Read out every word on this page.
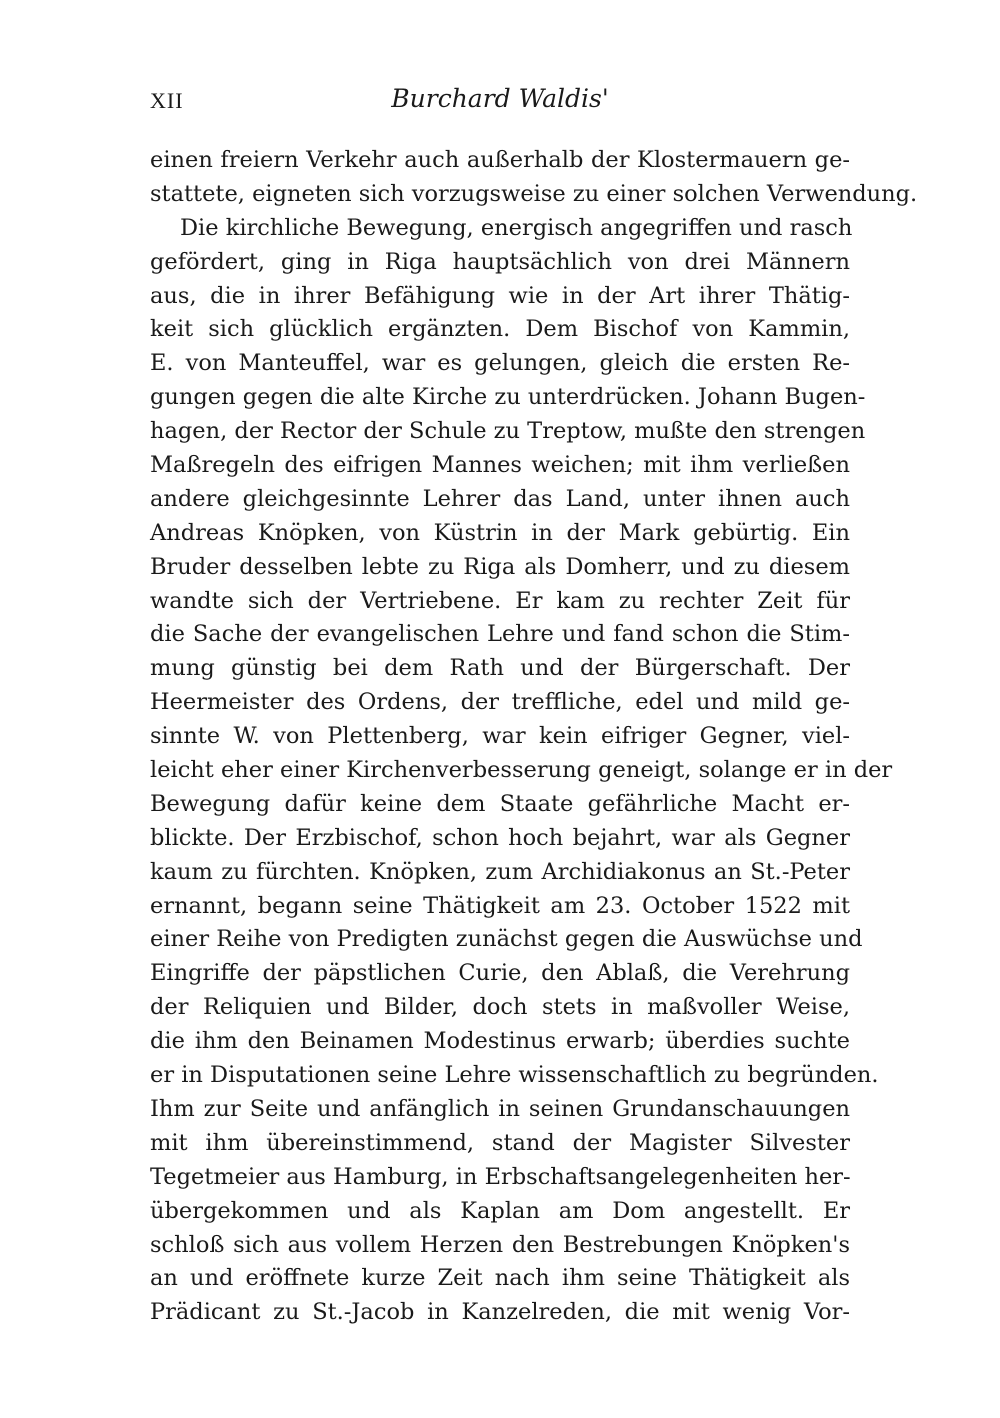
XII	Burchard Waldis'
einen freiern Verkehr auch außerhalb der Klostermauern ge-
stattete, eigneten sich vorzugsweise zu einer solchen Verwendung.
Die kirchliche Bewegung, energisch angegriffen und rasch
gefördert, ging in Riga hauptsächlich von drei Männern
aus, die in ihrer Befähigung wie in der Art ihrer Thätig-
keit sich glücklich ergänzten. Dem Bischof von Kammin,
E. von Manteuffel, war es gelungen, gleich die ersten Re-
gungen gegen die alte Kirche zu unterdrücken. Johann Bugen-
hagen, der Rector der Schule zu Treptow, mußte den strengen
Maßregeln des eifrigen Mannes weichen; mit ihm verließen
andere gleichgesinnte Lehrer das Land, unter ihnen auch
Andreas Knöpken, von Küstrin in der Mark gebürtig. Ein
Bruder desselben lebte zu Riga als Domherr, und zu diesem
wandte sich der Vertriebene. Er kam zu rechter Zeit für
die Sache der evangelischen Lehre und fand schon die Stim-
mung günstig bei dem Rath und der Bürgerschaft. Der
Heermeister des Ordens, der treffliche, edel und mild ge-
sinnte W. von Plettenberg, war kein eifriger Gegner, viel-
leicht eher einer Kirchenverbesserung geneigt, solange er in der
Bewegung dafür keine dem Staate gefährliche Macht er-
blickte. Der Erzbischof, schon hoch bejahrt, war als Gegner
kaum zu fürchten. Knöpken, zum Archidiakonus an St.-Peter
ernannt, begann seine Thätigkeit am 23. October 1522 mit
einer Reihe von Predigten zunächst gegen die Auswüchse und
Eingriffe der päpstlichen Curie, den Ablaß, die Verehrung
der Reliquien und Bilder, doch stets in maßvoller Weise,
die ihm den Beinamen Modestinus erwarb; überdies suchte
er in Disputationen seine Lehre wissenschaftlich zu begründen.
Ihm zur Seite und anfänglich in seinen Grundanschauungen
mit ihm übereinstimmend, stand der Magister Silvester
Tegetmeier aus Hamburg, in Erbschaftsangelegenheiten her-
übergekommen und als Kaplan am Dom angestellt. Er
schloß sich aus vollem Herzen den Bestrebungen Knöpken's
an und eröffnete kurze Zeit nach ihm seine Thätigkeit als
Prädicant zu St.-Jacob in Kanzelreden, die mit wenig Vor-
